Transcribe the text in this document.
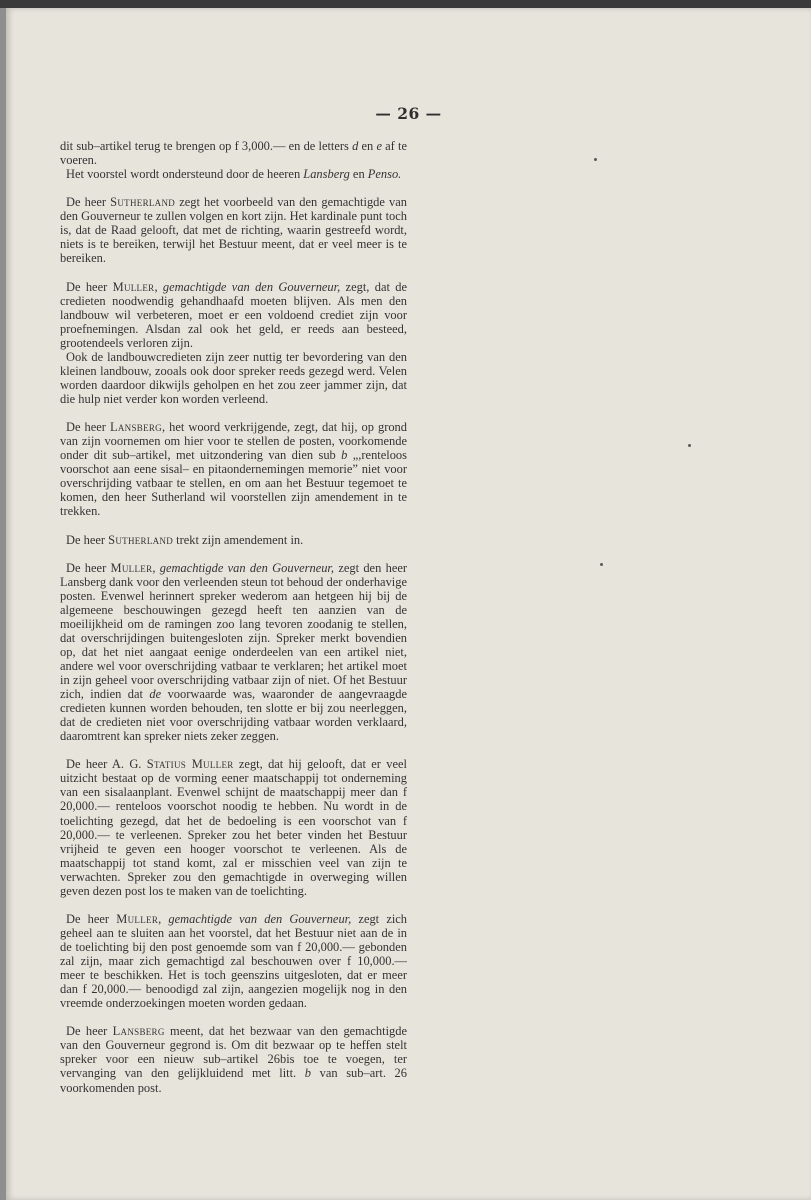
— 26 —

dit sub–artikel terug te brengen op f 3,000.— en de letters d en e af te voeren.

Het voorstel wordt ondersteund door de heeren Lansberg en Penso.

De heer Sutherland zegt het voorbeeld van den gemachtigde van den Gouverneur te zullen volgen en kort zijn. Het kardinale punt toch is, dat de Raad gelooft, dat met de richting, waarin gestreefd wordt, niets is te bereiken, terwijl het Bestuur meent, dat er veel meer is te bereiken.

De heer Muller, gemachtigde van den Gouverneur, zegt, dat de credieten noodwendig gehandhaafd moeten blijven. Als men den landbouw wil verbeteren, moet er een voldoend crediet zijn voor proefnemingen. Alsdan zal ook het geld, er reeds aan besteed, grootendeels verloren zijn.

Ook de landbouwcredieten zijn zeer nuttig ter bevordering van den kleinen landbouw, zooals ook door spreker reeds gezegd werd. Velen worden daardoor dikwijls geholpen en het zou zeer jammer zijn, dat die hulp niet verder kon worden verleend.

De heer Lansberg, het woord verkrijgende, zegt, dat hij, op grond van zijn voornemen om hier voor te stellen de posten, voorkomende onder dit sub–artikel, met uitzondering van dien sub b „,renteloos voorschot aan eene sisal– en pitaondernemingen memorie” niet voor overschrijding vatbaar te stellen, en om aan het Bestuur tegemoet te komen, den heer Sutherland wil voorstellen zijn amendement in te trekken.

De heer Sutherland trekt zijn amendement in.

De heer Muller, gemachtigde van den Gouverneur, zegt den heer Lansberg dank voor den verleenden steun tot behoud der onderhavige posten. Evenwel herinnert spreker wederom aan hetgeen hij bij de algemeene beschouwingen gezegd heeft ten aanzien van de moeilijkheid om de ramingen zoo lang tevoren zoodanig te stellen, dat overschrijdingen buitengesloten zijn. Spreker merkt bovendien op, dat het niet aangaat eenige onderdeelen van een artikel niet, andere wel voor overschrijding vatbaar te verklaren; het artikel moet in zijn geheel voor overschrijding vatbaar zijn of niet. Of het Bestuur zich, indien dat de voorwaarde was, waaronder de aangevraagde credieten kunnen worden behouden, ten slotte er bij zou neerleggen, dat de credieten niet voor overschrijding vatbaar worden verklaard, daaromtrent kan spreker niets zeker zeggen.

De heer A. G. Statius Muller zegt, dat hij gelooft, dat er veel uitzicht bestaat op de vorming eener maatschappij tot onderneming van een sisalaanplant. Evenwel schijnt de maatschappij meer dan f 20,000.— renteloos voorschot noodig te hebben. Nu wordt in de toelichting gezegd, dat het de bedoeling is een voorschot van f 20,000.— te verleenen. Spreker zou het beter vinden het Bestuur vrijheid te geven een hooger voorschot te verleenen. Als de maatschappij tot stand komt, zal er misschien veel van zijn te verwachten. Spreker zou den gemachtigde in overweging willen geven dezen post los te maken van de toelichting.

De heer Muller, gemachtigde van den Gouverneur, zegt zich geheel aan te sluiten aan het voorstel, dat het Bestuur niet aan de in de toelichting bij den post genoemde som van f 20,000.— gebonden zal zijn, maar zich gemachtigd zal beschouwen over f 10,000.— meer te beschikken. Het is toch geenszins uitgesloten, dat er meer dan f 20,000.— benoodigd zal zijn, aangezien mogelijk nog in den vreemde onderzoekingen moeten worden gedaan.

De heer Lansberg meent, dat het bezwaar van den gemachtigde van den Gouverneur gegrond is. Om dit bezwaar op te heffen stelt spreker voor een nieuw sub–artikel 26bis toe te voegen, ter vervanging van den gelijkluidend met litt. b van sub–art. 26 voorkomenden post.
